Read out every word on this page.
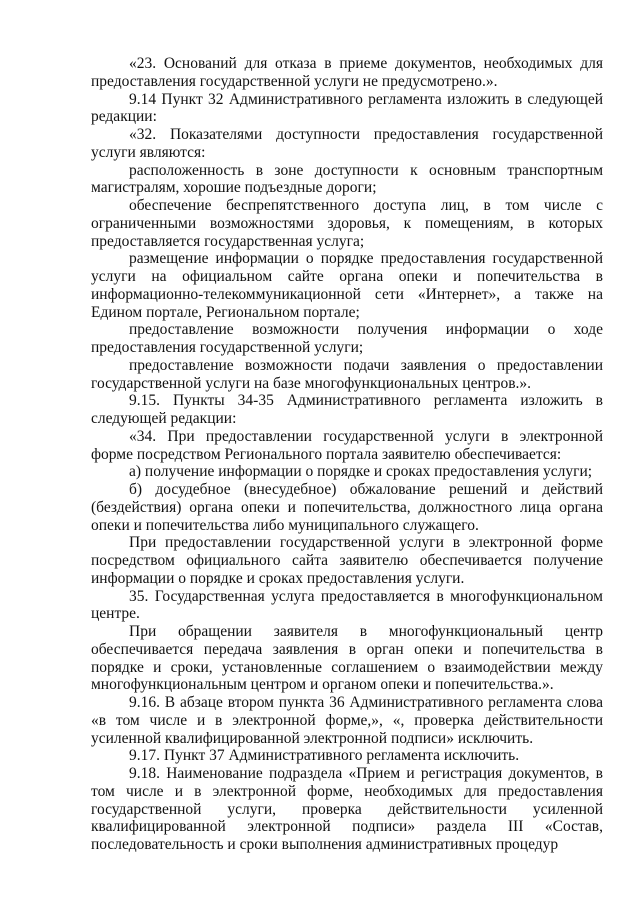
«23. Оснований для отказа в приеме документов, необходимых для предоставления государственной услуги не предусмотрено.».

9.14 Пункт 32 Административного регламента изложить в следующей редакции:

«32. Показателями доступности предоставления государственной услуги являются:

расположенность в зоне доступности к основным транспортным магистралям, хорошие подъездные дороги;

обеспечение беспрепятственного доступа лиц, в том числе с ограниченными возможностями здоровья, к помещениям, в которых предоставляется государственная услуга;

размещение информации о порядке предоставления государственной услуги на официальном сайте органа опеки и попечительства в информационно-телекоммуникационной сети «Интернет», а также на Едином портале, Региональном портале;

предоставление возможности получения информации о ходе предоставления государственной услуги;

предоставление возможности подачи заявления о предоставлении государственной услуги на базе многофункциональных центров.».

9.15. Пункты 34-35 Административного регламента изложить в следующей редакции:

«34. При предоставлении государственной услуги в электронной форме посредством Регионального портала заявителю обеспечивается:

а) получение информации о порядке и сроках предоставления услуги;

б) досудебное (внесудебное) обжалование решений и действий (бездействия) органа опеки и попечительства, должностного лица органа опеки и попечительства либо муниципального служащего.

При предоставлении государственной услуги в электронной форме посредством официального сайта заявителю обеспечивается получение информации о порядке и сроках предоставления услуги.

35. Государственная услуга предоставляется в многофункциональном центре.

При обращении заявителя в многофункциональный центр обеспечивается передача заявления в орган опеки и попечительства в порядке и сроки, установленные соглашением о взаимодействии между многофункциональным центром и органом опеки и попечительства.».

9.16. В абзаце втором пункта 36 Административного регламента слова «в том числе и в электронной форме,», «, проверка действительности усиленной квалифицированной электронной подписи» исключить.

9.17. Пункт 37 Административного регламента исключить.

9.18. Наименование подраздела «Прием и регистрация документов, в том числе и в электронной форме, необходимых для предоставления государственной услуги, проверка действительности усиленной квалифицированной электронной подписи» раздела III «Состав, последовательность и сроки выполнения административных процедур
